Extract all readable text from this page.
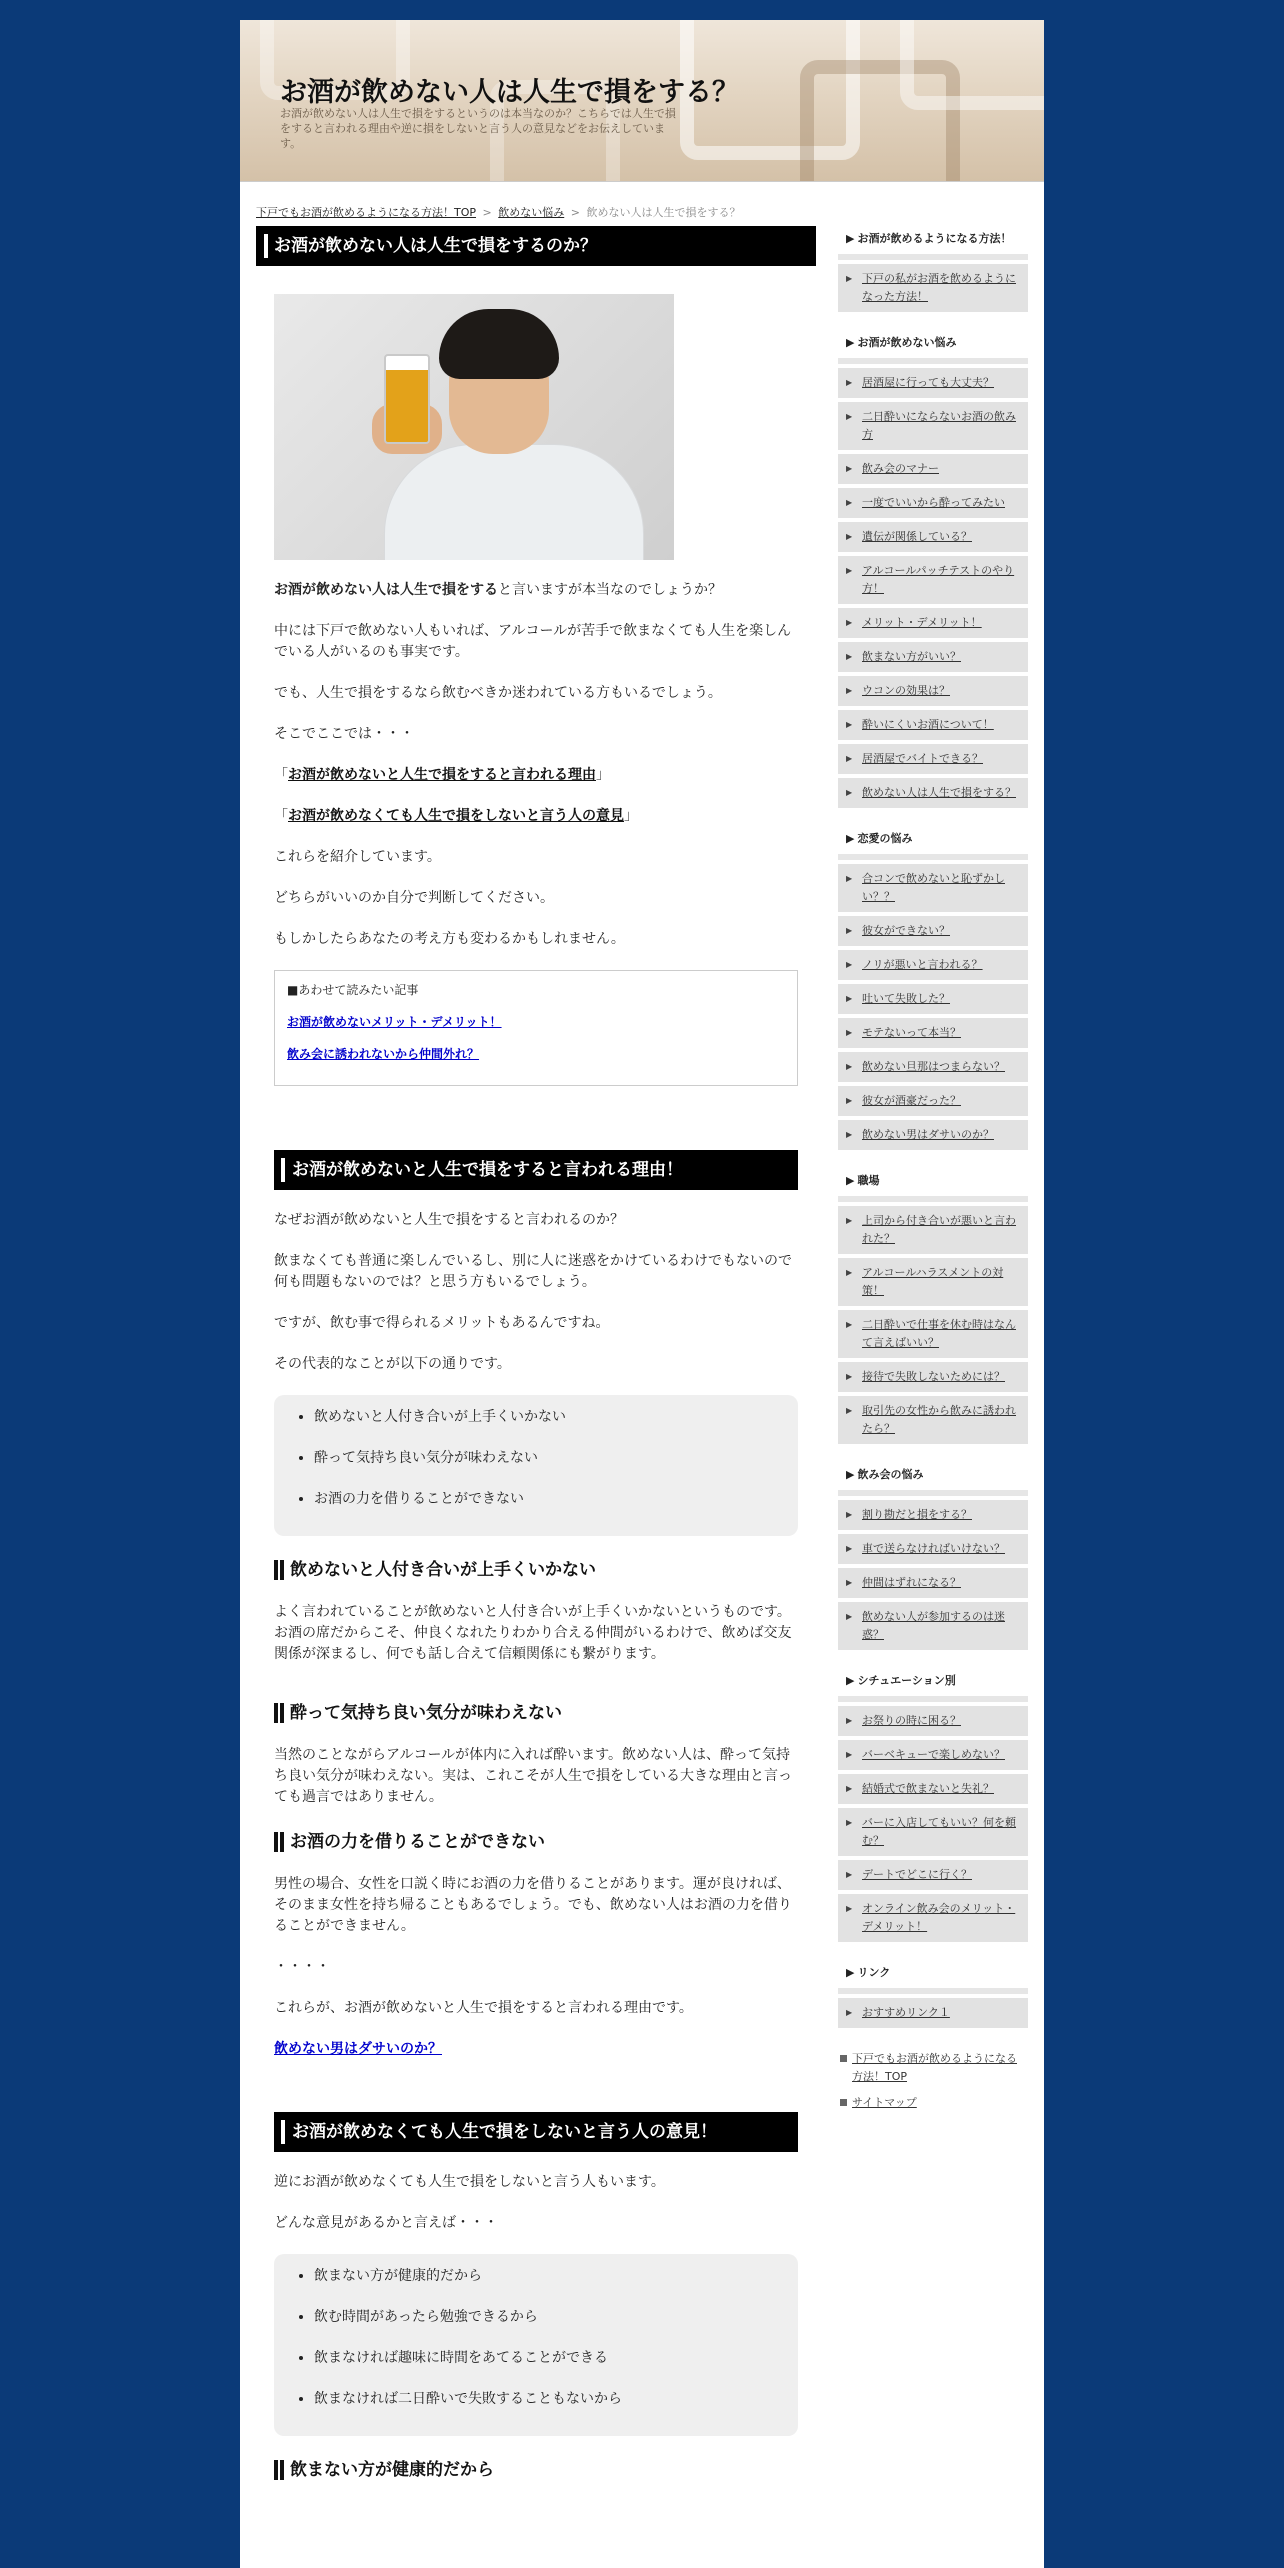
お酒が飲めない人は人生で損をする？
お酒が飲めない人は人生で損をするというのは本当なのか？こちらでは人生で損をすると言われる理由や逆に損をしないと言う人の意見などをお伝えしています。
下戸でもお酒が飲めるようになる方法！TOP > 飲めない悩み > 飲めない人は人生で損をする？
お酒が飲めない人は人生で損をするのか？

お酒が飲めない人は人生で損をすると言いますが本当なのでしょうか？

中には下戸で飲めない人もいれば、アルコールが苦手で飲まなくても人生を楽しんでいる人がいるのも事実です。

でも、人生で損をするなら飲むべきか迷われている方もいるでしょう。

そこでここでは・・・

「お酒が飲めないと人生で損をすると言われる理由」

「お酒が飲めなくても人生で損をしないと言う人の意見」

これらを紹介しています。

どちらがいいのか自分で判断してください。

もしかしたらあなたの考え方も変わるかもしれません。

■あわせて読みたい記事
お酒が飲めないメリット・デメリット！
飲み会に誘われないから仲間外れ？
お酒が飲めないと人生で損をすると言われる理由！

なぜお酒が飲めないと人生で損をすると言われるのか？

飲まなくても普通に楽しんでいるし、別に人に迷惑をかけているわけでもないので何も問題もないのでは？と思う方もいるでしょう。

ですが、飲む事で得られるメリットもあるんですね。

その代表的なことが以下の通りです。

• 飲めないと人付き合いが上手くいかない
• 酔って気持ち良い気分が味わえない
• お酒の力を借りることができない
飲めないと人付き合いが上手くいかない

よく言われていることが飲めないと人付き合いが上手くいかないというものです。お酒の席だからこそ、仲良くなれたりわかり合える仲間がいるわけで、飲めば交友関係が深まるし、何でも話し合えて信頼関係にも繋がります。

酔って気持ち良い気分が味わえない

当然のことながらアルコールが体内に入れば酔います。飲めない人は、酔って気持ち良い気分が味わえない。実は、これこそが人生で損をしている大きな理由と言っても過言ではありません。

お酒の力を借りることができない

男性の場合、女性を口説く時にお酒の力を借りることがあります。運が良ければ、そのまま女性を持ち帰ることもあるでしょう。でも、飲めない人はお酒の力を借りることができません。

・・・・

これらが、お酒が飲めないと人生で損をすると言われる理由です。

飲めない男はダサいのか？

お酒が飲めなくても人生で損をしないと言う人の意見！

逆にお酒が飲めなくても人生で損をしないと言う人もいます。

どんな意見があるかと言えば・・・

• 飲まない方が健康的だから
• 飲む時間があったら勉強できるから
• 飲まなければ趣味に時間をあてることができる
• 飲まなければ二日酔いで失敗することもないから
飲まない方が健康的だから
▶ お酒が飲めるようになる方法！
▶ 下戸の私がお酒を飲めるようになった方法！
▶ お酒が飲めない悩み
▶ 居酒屋に行っても大丈夫？
▶ 二日酔いにならないお酒の飲み方
▶ 飲み会のマナー
▶ 一度でいいから酔ってみたい
▶ 遺伝が関係している？
▶ アルコールパッチテストのやり方！
▶ メリット・デメリット！
▶ 飲まない方がいい？
▶ ウコンの効果は？
▶ 酔いにくいお酒について！
▶ 居酒屋でバイトできる？
▶ 飲めない人は人生で損をする？
▶ 恋愛の悩み
▶ 合コンで飲めないと恥ずかしい？？
▶ 彼女ができない？
▶ ノリが悪いと言われる？
▶ 吐いて失敗した？
▶ モテないって本当？
▶ 飲めない旦那はつまらない？
▶ 彼女が酒豪だった？
▶ 飲めない男はダサいのか？
▶ 職場
▶ 上司から付き合いが悪いと言われた？
▶ アルコールハラスメントの対策！
▶ 二日酔いで仕事を休む時はなんて言えばいい？
▶ 接待で失敗しないためには？
▶ 取引先の女性から飲みに誘われたら？
▶ 飲み会の悩み
▶ 割り勘だと損をする？
▶ 車で送らなければいけない？
▶ 仲間はずれになる？
▶ 飲めない人が参加するのは迷惑？
▶ シチュエーション別
▶ お祭りの時に困る？
▶ バーベキューで楽しめない？
▶ 結婚式で飲まないと失礼？
▶ バーに入店してもいい？何を頼む？
▶ デートでどこに行く？
▶ オンライン飲み会のメリット・デメリット！
▶ リンク
▶ おすすめリンク１
下戸でもお酒が飲めるようになる方法！TOP
サイトマップ
